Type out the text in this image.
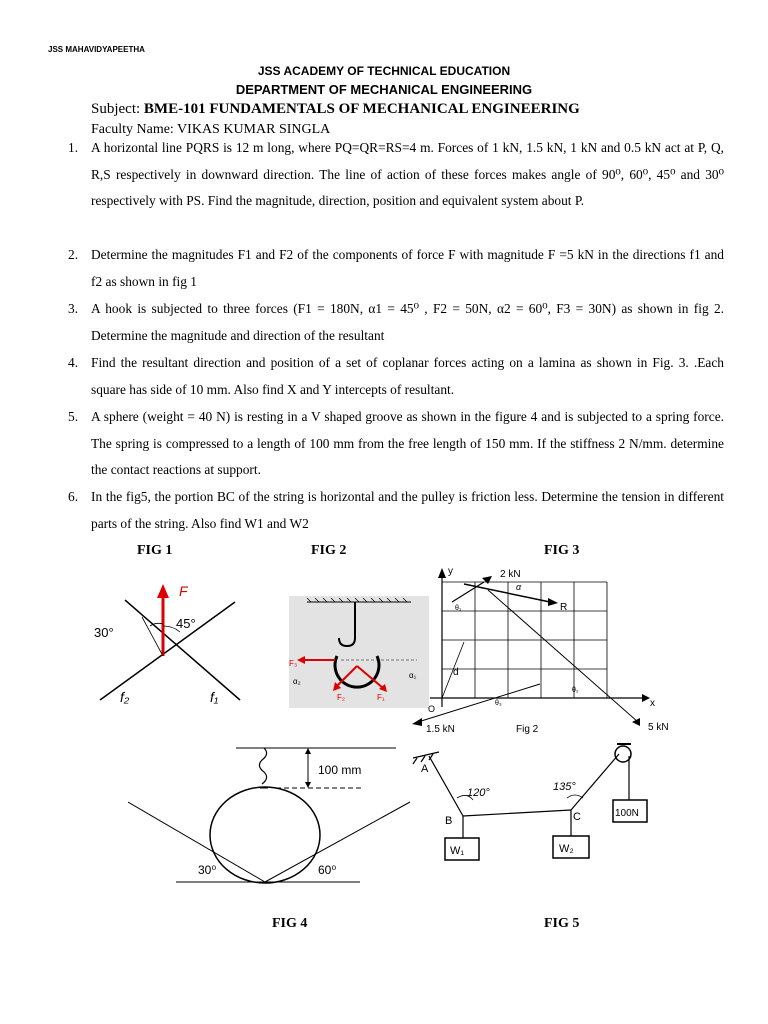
JSS MAHAVIDYAPEETHA
JSS ACADEMY OF TECHNICAL EDUCATION
DEPARTMENT OF MECHANICAL ENGINEERING
Subject: BME-101 FUNDAMENTALS OF MECHANICAL ENGINEERING
Faculty Name: VIKAS KUMAR SINGLA
1. A horizontal line PQRS is 12 m long, where PQ=QR=RS=4 m. Forces of 1 kN, 1.5 kN, 1 kN and 0.5 kN act at P, Q, R,S respectively in downward direction. The line of action of these forces makes angle of 90⁰, 60⁰, 45⁰ and 30⁰ respectively with PS. Find the magnitude, direction, position and equivalent system about P.
2. Determine the magnitudes F1 and F2 of the components of force F with magnitude F =5 kN in the directions f1 and f2 as shown in fig 1
3. A hook is subjected to three forces (F1 = 180N, α1 = 45⁰ , F2 = 50N, α2 = 60⁰, F3 = 30N) as shown in fig 2. Determine the magnitude and direction of the resultant
4. Find the resultant direction and position of a set of coplanar forces acting on a lamina as shown in Fig. 3. .Each square has side of 10 mm. Also find X and Y intercepts of resultant.
5. A sphere (weight = 40 N) is resting in a V shaped groove as shown in the figure 4 and is subjected to a spring force. The spring is compressed to a length of 100 mm from the free length of 150 mm. If the stiffness 2 N/mm. determine the contact reactions at support.
6. In the fig5, the portion BC of the string is horizontal and the pulley is friction less. Determine the tension in different parts of the string. Also find W1 and W2
FIG 1	FIG 2	FIG 3
FIG 4	FIG 5
F
30°
45°
f₁
f₂
F₃
F₂	F₁
α₁
α₂
y
x
O
2 kN
1.5 kN	5 kN
R
d
α
θ₁
θ₂
θ₃
Fig 2
100 mm
30⁰	60⁰
A
B	C
120°	135°
W₁	W₂
100N
